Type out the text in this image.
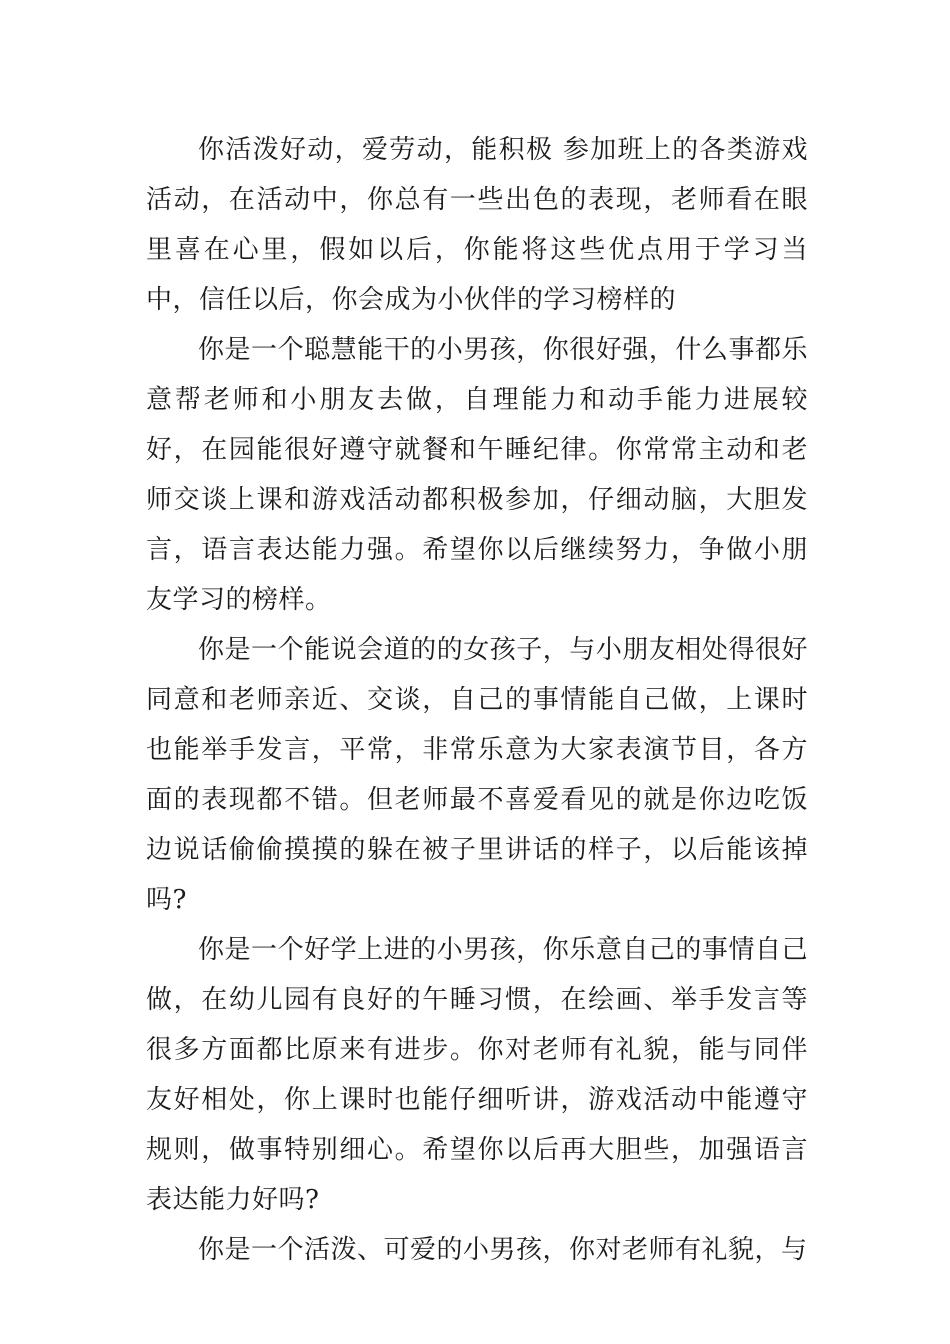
你活泼好动，爱劳动，能积极 参加班上的各类游戏活动，在活动中，你总有一些出色的表现，老师看在眼里喜在心里，假如以后，你能将这些优点用于学习当中，信任以后，你会成为小伙伴的学习榜样的

你是一个聪慧能干的小男孩，你很好强，什么事都乐意帮老师和小朋友去做，自理能力和动手能力进展较好，在园能很好遵守就餐和午睡纪律。你常常主动和老师交谈上课和游戏活动都积极参加，仔细动脑，大胆发言，语言表达能力强。希望你以后继续努力，争做小朋友学习的榜样。

你是一个能说会道的的女孩子，与小朋友相处得很好同意和老师亲近、交谈，自己的事情能自己做，上课时也能举手发言，平常，非常乐意为大家表演节目，各方面的表现都不错。但老师最不喜爱看见的就是你边吃饭边说话偷偷摸摸的躲在被子里讲话的样子，以后能该掉吗?

你是一个好学上进的小男孩，你乐意自己的事情自己做，在幼儿园有良好的午睡习惯，在绘画、举手发言等很多方面都比原来有进步。你对老师有礼貌，能与同伴友好相处，你上课时也能仔细听讲，游戏活动中能遵守规则，做事特别细心。希望你以后再大胆些，加强语言表达能力好吗?

你是一个活泼、可爱的小男孩，你对老师有礼貌，与
